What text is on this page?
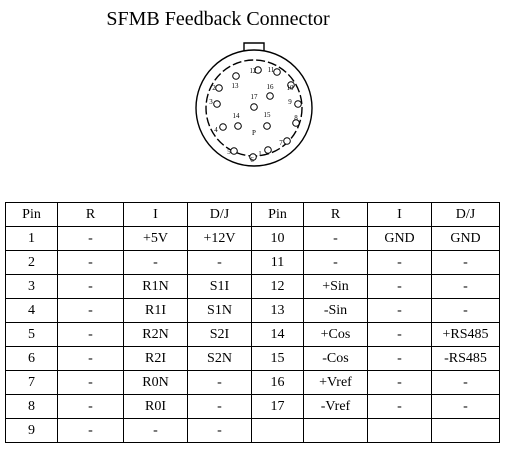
SFMB Feedback Connector
1
2
3
4
5
6
7
8
9
10
11
12
13
14	15
16
17
P
Pin	R	I	D/J	Pin	R	I	D/J
1	-	+5V	+12V	10	-	GND	GND
2	-	-	-	11	-	-	-
3	-	R1N	S1I	12	+Sin	-	-
4	-	R1I	S1N	13	-Sin	-	-
5	-	R2N	S2I	14	+Cos	-	+RS485
6	-	R2I	S2N	15	-Cos	-	-RS485
7	-	R0N	-	16	+Vref	-	-
8	-	R0I	-	17	-Vref	-	-
9	-	-	-				
